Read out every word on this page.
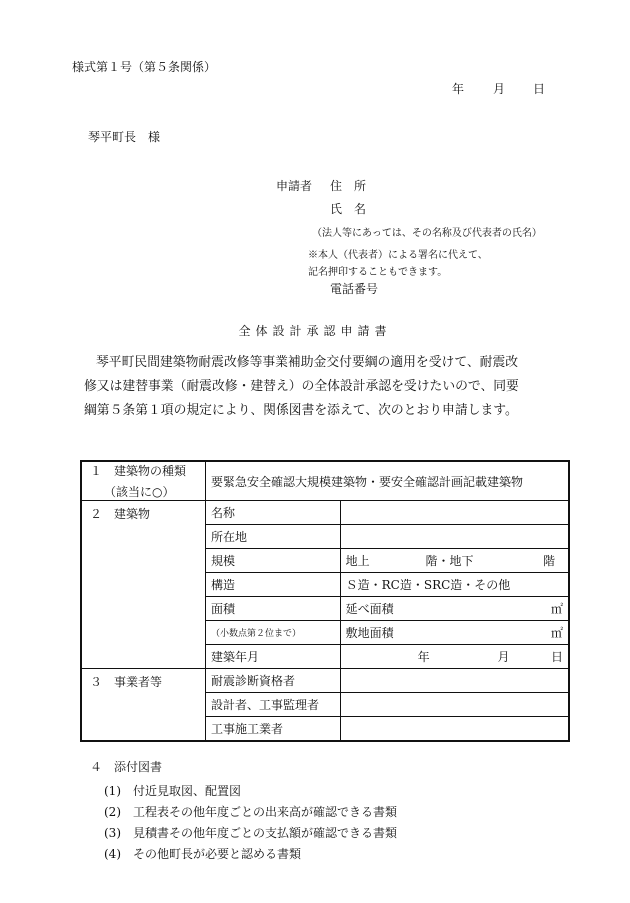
様式第１号（第５条関係）
年 月 日
琴平町長　様
申請者 住　所
氏　名
（法人等にあっては、その名称及び代表者の氏名）
※本人（代表者）による署名に代えて、
記名押印することもできます。
電話番号
全体設計承認申請書

琴平町民間建築物耐震改修等事業補助金交付要綱の適用を受けて、耐震改

修又は建替事業（耐震改修・建替え）の全体設計承認を受けたいので、同要

綱第５条第１項の規定により、関係図書を添えて、次のとおり申請します。

１　建築物の種類
（該当に○）	要緊急安全確認大規模建築物・要安全確認計画記載建築物	
２　建築物	名称	
	所在地	
	規模	地上 階・地下 階

	構造	Ｓ造・RC造・SRC造・その他
	面積	延べ面積 ㎡

	（小数点第２位まで）	敷地面積 ㎡

	建築年月	年 月 日

３　事業者等	耐震診断資格者	
	設計者、工事監理者	
	工事施工業者	
４　添付図書
(1)　付近見取図、配置図
(2)　工程表その他年度ごとの出来高が確認できる書類
(3)　見積書その他年度ごとの支払額が確認できる書類
(4)　その他町長が必要と認める書類
